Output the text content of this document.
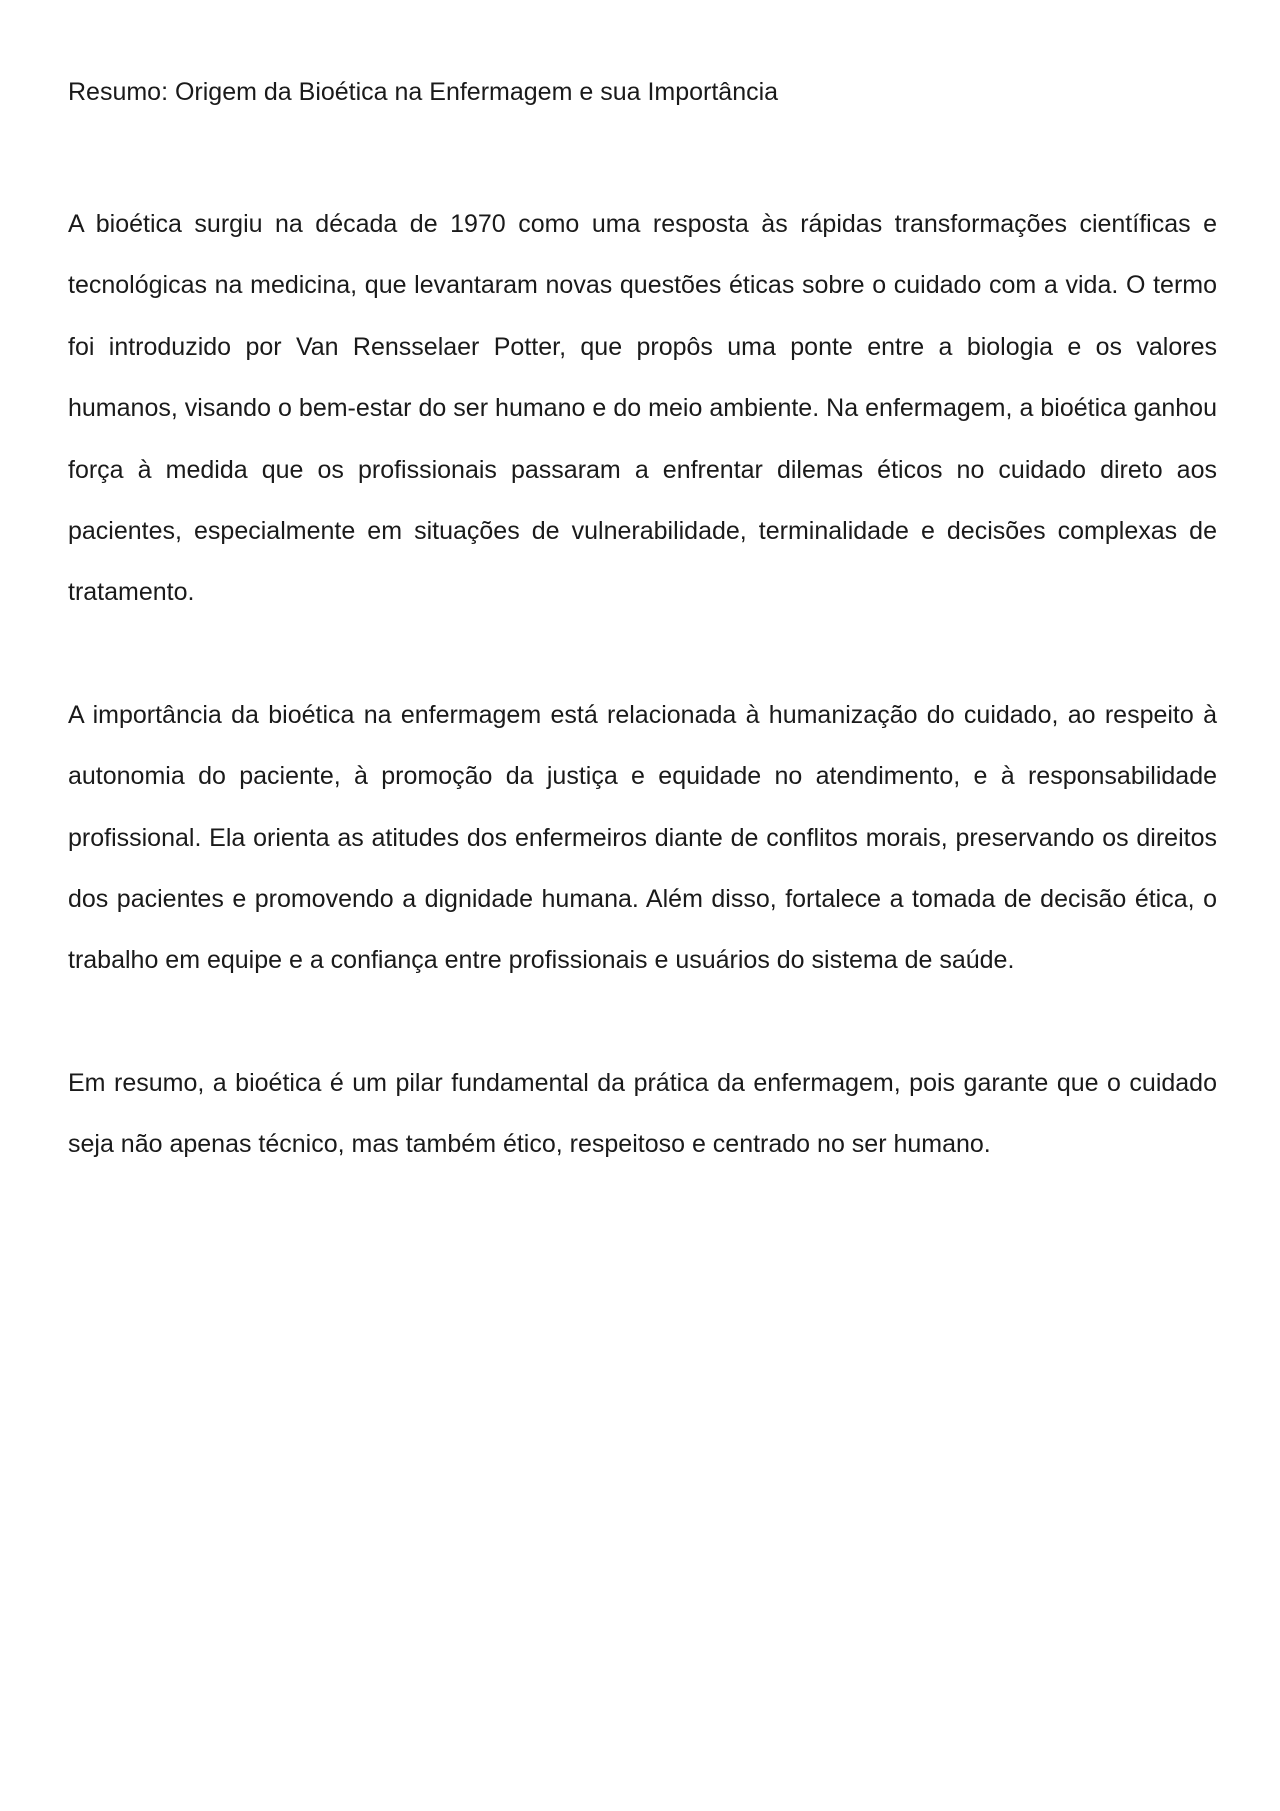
Resumo: Origem da Bioética na Enfermagem e sua Importância

A bioética surgiu na década de 1970 como uma resposta às rápidas transformações científicas e tecnológicas na medicina, que levantaram novas questões éticas sobre o cuidado com a vida. O termo foi introduzido por Van Rensselaer Potter, que propôs uma ponte entre a biologia e os valores humanos, visando o bem-estar do ser humano e do meio ambiente. Na enfermagem, a bioética ganhou força à medida que os profissionais passaram a enfrentar dilemas éticos no cuidado direto aos pacientes, especialmente em situações de vulnerabilidade, terminalidade e decisões complexas de tratamento.

A importância da bioética na enfermagem está relacionada à humanização do cuidado, ao respeito à autonomia do paciente, à promoção da justiça e equidade no atendimento, e à responsabilidade profissional. Ela orienta as atitudes dos enfermeiros diante de conflitos morais, preservando os direitos dos pacientes e promovendo a dignidade humana. Além disso, fortalece a tomada de decisão ética, o trabalho em equipe e a confiança entre profissionais e usuários do sistema de saúde.

Em resumo, a bioética é um pilar fundamental da prática da enfermagem, pois garante que o cuidado seja não apenas técnico, mas também ético, respeitoso e centrado no ser humano.
